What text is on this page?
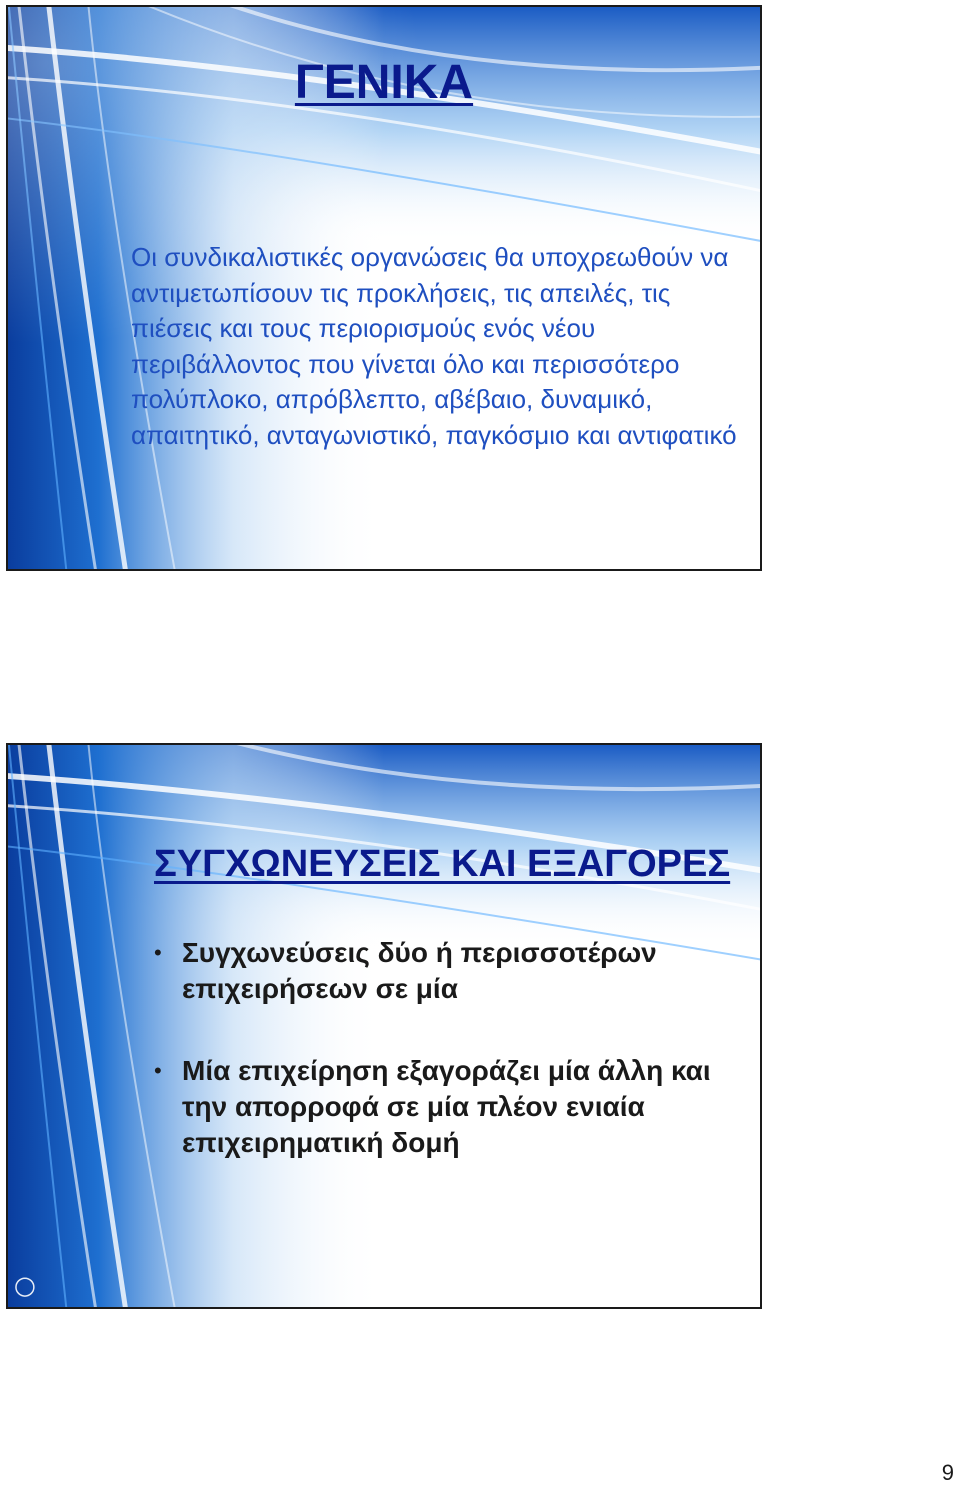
ΓΕΝΙΚΑ

Οι συνδικαλιστικές οργανώσεις θα υποχρεωθούν να αντιμετωπίσουν τις προκλήσεις, τις απειλές, τις πιέσεις και τους περιορισμούς ενός νέου περιβάλλοντος που γίνεται όλο και περισσότερο πολύπλοκο, απρόβλεπτο, αβέβαιο, δυναμικό, απαιτητικό, ανταγωνιστικό, παγκόσμιο και αντιφατικό

ΣΥΓΧΩΝΕΥΣΕΙΣ ΚΑΙ ΕΞΑΓΟΡΕΣ
• Συγχωνεύσεις δύο ή περισσοτέρων επιχειρήσεων σε μία
• Μία επιχείρηση εξαγοράζει μία άλλη και την απορροφά σε μία πλέον ενιαία επιχειρηματική δομή
9
